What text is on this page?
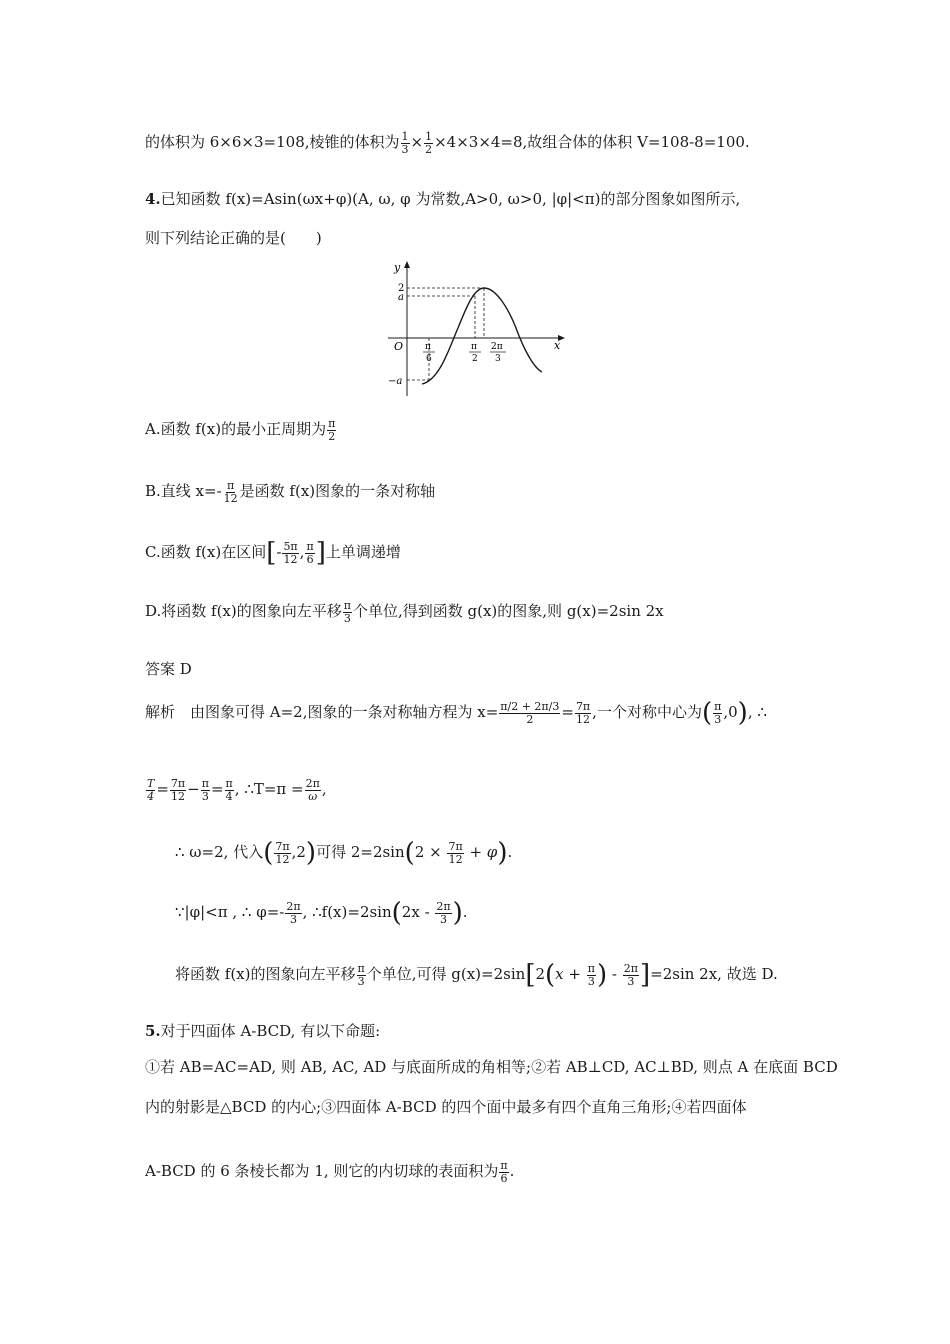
的体积为 6×6×3=108,棱锥的体积为 $\frac{1}{3} \times \frac{1}{2} \times 4\times 3\times 4=8$,故组合体的体积 V=108-8=100.
4.已知函数 f(x)=Asin(ωx+φ)(A, ω, φ 为常数,A>0, ω>0, |φ|<π)的部分图象如图所示,
则下列结论正确的是(　　)
y
x
O
2
a
−a
π
6
π
2
2π
3
A.函数 f(x)的最小正周期为 $\frac{\pi}{2}$
B.直线 $x=- \frac{\pi}{12}$ 是函数 f(x)图象的一条对称轴
C.函数 f(x)在区间[- $\frac{5\pi}{12}$ , $\frac{\pi}{6}$ ]上单调递增
D.将函数 f(x)的图象向左平移 $\frac{\pi}{3}$ 个单位,得到函数 g(x)的图象,则 g(x)=2sin 2x
答案 D
解析　由图象可得 A=2,图象的一条对称轴方程为 $x= \frac{\pi/2 + 2\pi/3}{2} = \frac{7\pi}{12}$ ,一个对称中心为( $\frac{\pi}{3} ,0$), ∴
$\frac{T}{4} = \frac{7\pi}{12} - \frac{\pi}{3} = \frac{\pi}{4}$ , ∴T=π = $\frac{2\pi}{\omega}$ ,
∴ ω=2, 代入( $\frac{7\pi}{12} ,2$)可得 $2=2\sin(2 \times \frac{7\pi}{12} + \varphi)$.
∵|φ|<π , ∴ $\varphi=- \frac{2\pi}{3}$ , ∴f(x)=2sin(2x - $\frac{2\pi}{3}$ ).
将函数 f(x)的图象向左平移 $\frac{\pi}{3}$ 个单位,可得 $g(x)=2\sin[2(x + \frac{\pi}{3}$ ) - $\frac{2\pi}{3} ]=2\sin$ 2x, 故选 D.
5.对于四面体 A-BCD, 有以下命题:
①若 AB=AC=AD, 则 AB, AC, AD 与底面所成的角相等;②若 AB⊥CD, AC⊥BD, 则点 A 在底面 BCD
内的射影是△BCD 的内心;③四面体 A-BCD 的四个面中最多有四个直角三角形;④若四面体
A-BCD 的 6 条棱长都为 1, 则它的内切球的表面积为 $\frac{\pi}{6}$ .
